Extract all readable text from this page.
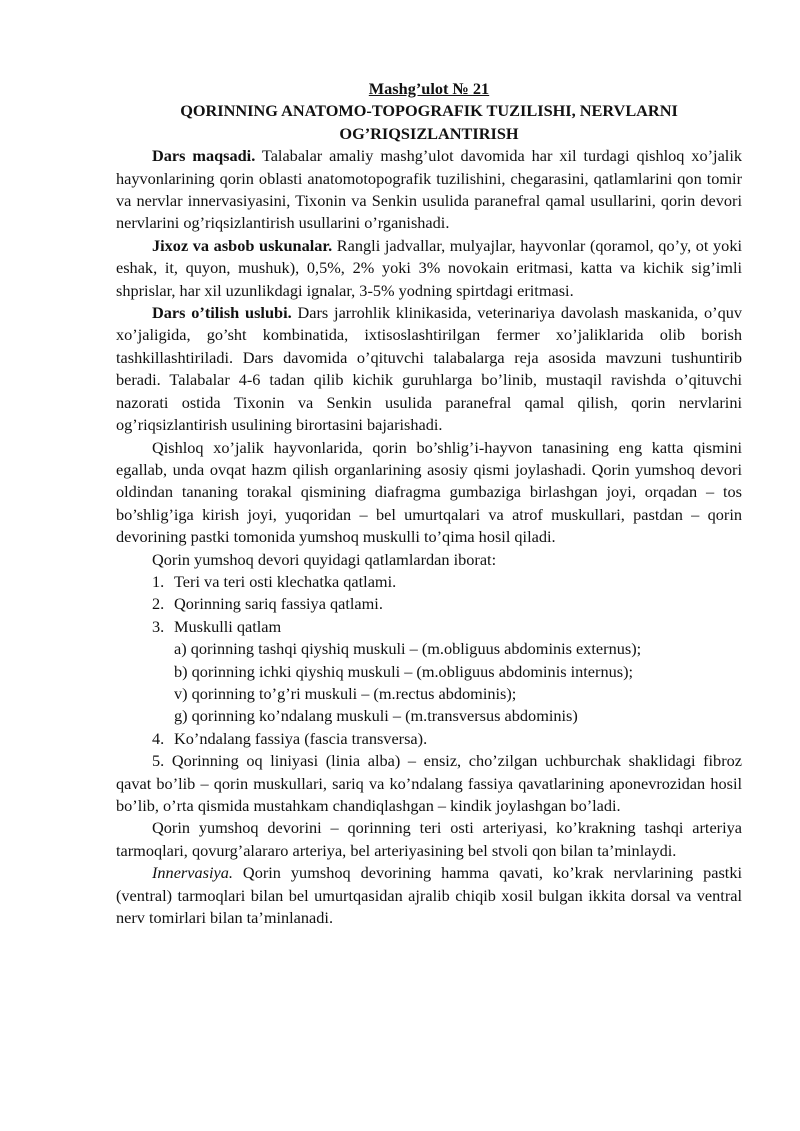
Mashg’ulot № 21
QORINNING ANATOMO-TOPOGRAFIK TUZILISHI, NERVLARNI OG’RIQSIZLANTIRISH

Dars maqsadi. Talabalar amaliy mashg’ulot davomida har xil turdagi qishloq xo’jalik hayvonlarining qorin oblasti anatomotopografik tuzilishini, chegarasini, qatlamlarini qon tomir va nervlar innervasiyasini, Tixonin va Senkin usulida paranefral qamal usullarini, qorin devori nervlarini og’riqsizlantirish usullarini o’rganishadi.

Jixoz va asbob uskunalar. Rangli jadvallar, mulyajlar, hayvonlar (qoramol, qo’y, ot yoki eshak, it, quyon, mushuk), 0,5%, 2% yoki 3% novokain eritmasi, katta va kichik sig’imli shprislar, har xil uzunlikdagi ignalar, 3-5% yodning spirtdagi eritmasi.

Dars o’tilish uslubi. Dars jarrohlik klinikasida, veterinariya davolash maskanida, o’quv xo’jaligida, go’sht kombinatida, ixtisoslashtirilgan fermer xo’jaliklarida olib borish tashkillashtiriladi. Dars davomida o’qituvchi talabalarga reja asosida mavzuni tushuntirib beradi. Talabalar 4-6 tadan qilib kichik guruhlarga bo’linib, mustaqil ravishda o’qituvchi nazorati ostida Tixonin va Senkin usulida paranefral qamal qilish, qorin nervlarini og’riqsizlantirish usulining birortasini bajarishadi.

Qishloq xo’jalik hayvonlarida, qorin bo’shlig’i-hayvon tanasining eng katta qismini egallab, unda ovqat hazm qilish organlarining asosiy qismi joylashadi. Qorin yumshoq devori oldindan tananing torakal qismining diafragma gumbaziga birlashgan joyi, orqadan – tos bo’shlig’iga kirish joyi, yuqoridan – bel umurtqalari va atrof muskullari, pastdan – qorin devorining pastki tomonida yumshoq muskulli to’qima hosil qiladi.

Qorin yumshoq devori quyidagi qatlamlardan iborat:

1. Teri va teri osti klechatka qatlami.
2. Qorinning sariq fassiya qatlami.
3. Muskulli qatlam
a) qorinning tashqi qiyshiq muskuli – (m.obliguus abdominis externus);
b) qorinning ichki qiyshiq muskuli – (m.obliguus abdominis internus);
v) qorinning to’g’ri muskuli – (m.rectus abdominis);
g) qorinning ko’ndalang muskuli – (m.transversus abdominis)
4. Ko’ndalang fassiya (fascia transversa).

5. Qorinning oq liniyasi (linia alba) – ensiz, cho’zilgan uchburchak shaklidagi fibroz qavat bo’lib – qorin muskullari, sariq va ko’ndalang fassiya qavatlarining aponevrozidan hosil bo’lib, o’rta qismida mustahkam chandiqlashgan – kindik joylashgan bo’ladi.

Qorin yumshoq devorini – qorinning teri osti arteriyasi, ko’krakning tashqi arteriya tarmoqlari, qovurg’alararo arteriya, bel arteriyasining bel stvoli qon bilan ta’minlaydi.

Innervasiya. Qorin yumshoq devorining hamma qavati, ko’krak nervlarining pastki (ventral) tarmoqlari bilan bel umurtqasidan ajralib chiqib xosil bulgan ikkita dorsal va ventral nerv tomirlari bilan ta’minlanadi.
